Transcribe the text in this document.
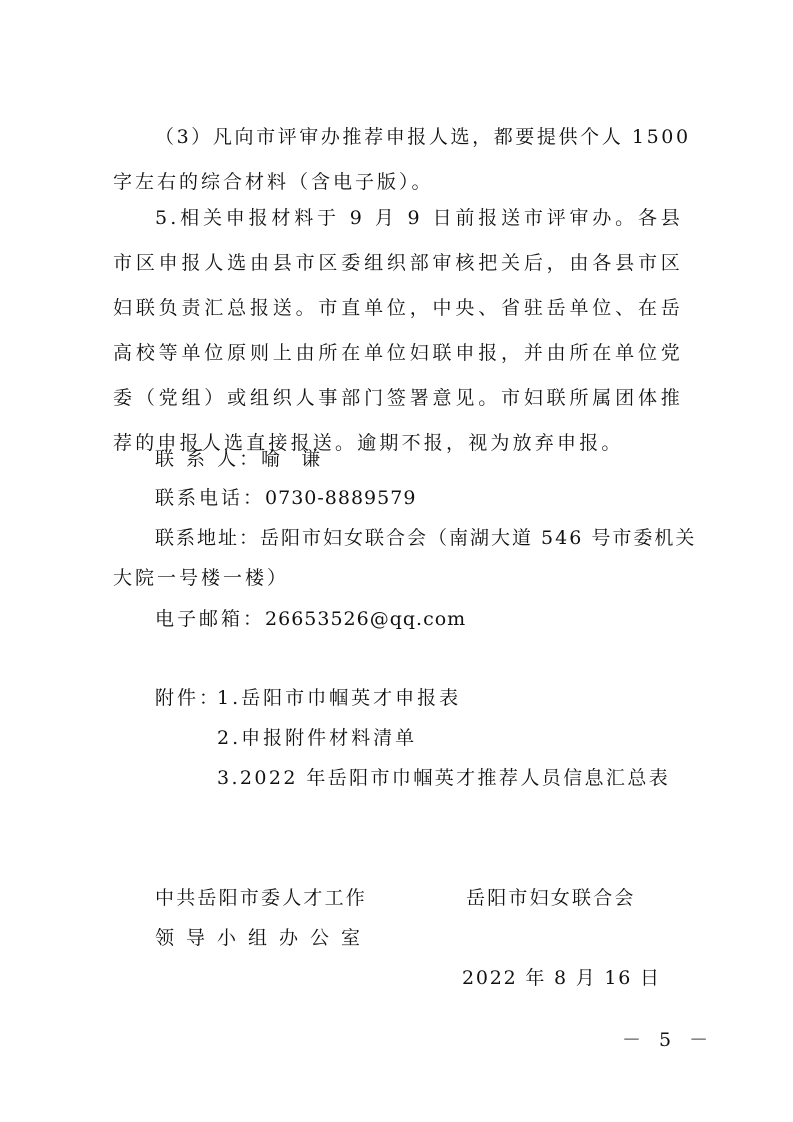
（3）凡向市评审办推荐申报人选，都要提供个人 1500
字左右的综合材料（含电子版）。
5.相关申报材料于 9 月 9 日前报送市评审办。各县市区申报人选由县市区委组织部审核把关后，由各县市区妇联负责汇总报送。市直单位，中央、省驻岳单位、在岳高校等单位原则上由所在单位妇联申报，并由所在单位党委（党组）或组织人事部门签署意见。市妇联所属团体推荐的申报人选直接报送。逾期不报，视为放弃申报。
联 系 人：喻  谦
联系电话：0730-8889579
联系地址：岳阳市妇女联合会（南湖大道 546 号市委机关
大院一号楼一楼）
电子邮箱：26653526@qq.com
附件：
1.岳阳市巾帼英才申报表
2.申报附件材料清单
3.2022 年岳阳市巾帼英才推荐人员信息汇总表
中共岳阳市委人才工作
领导小组办公室
岳阳市妇女联合会
2022 年 8 月 16 日
－ 5 －
